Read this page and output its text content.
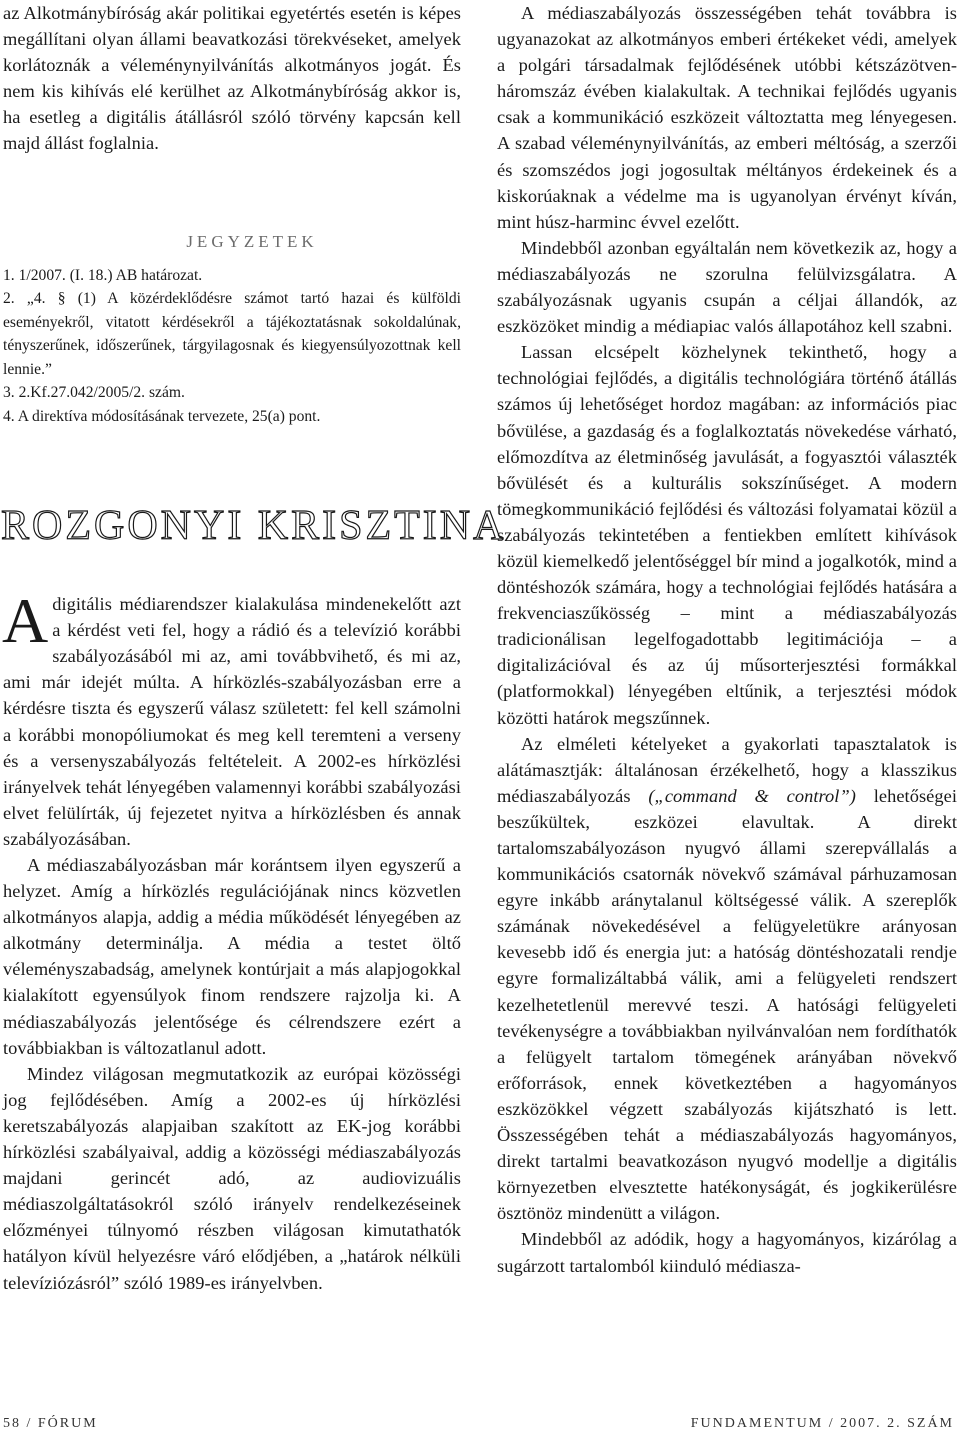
az Alkotmánybíróság akár politikai egyetértés esetén is képes megállítani olyan állami beavatkozási törekvéseket, amelyek korlátoznák a véleménynyilvánítás alkotmányos jogát. És nem kis kihívás elé kerülhet az Alkotmánybíróság akkor is, ha esetleg a digitális átállásról szóló törvény kapcsán kell majd állást foglalnia.

JEGYZETEK
1. 1/2007. (I. 18.) AB határozat.
2. „4. § (1) A közérdeklődésre számot tartó hazai és külföldi eseményekről, vitatott kérdésekről a tájékoztatásnak sokoldalúnak, tényszerűnek, időszerűnek, tárgyilagosnak és kiegyensúlyozottnak kell lennie.”
3. 2.Kf.27.042/2005/2. szám.
4. A direktíva módosításának tervezete, 25(a) pont.
ROZGONYI KRISZTINA
A digitális médiarendszer kialakulása mindenekelőtt azt a kérdést veti fel, hogy a rádió és a televízió korábbi szabályozásából mi az, ami továbbvihető, és mi az, ami már idejét múlta. A hírközlés-szabályozásban erre a kérdésre tiszta és egyszerű válasz született: fel kell számolni a korábbi monopóliumokat és meg kell teremteni a verseny és a versenyszabályozás feltételeit. A 2002-es hírközlési irányelvek tehát lényegében valamennyi korábbi szabályozási elvet felülírták, új fejezetet nyitva a hírközlésben és annak szabályozásában.

A médiaszabályozásban már korántsem ilyen egyszerű a helyzet. Amíg a hírközlés regulációjának nincs közvetlen alkotmányos alapja, addig a média működését lényegében az alkotmány determinálja. A média a testet öltő véleményszabadság, amelynek kontúrjait a más alapjogokkal kialakított egyensúlyok finom rendszere rajzolja ki. A médiaszabályozás jelentősége és célrendszere ezért a továbbiakban is változatlanul adott.

Mindez világosan megmutatkozik az európai közösségi jog fejlődésében. Amíg a 2002-es új hírközlési keretszabályozás alapjaiban szakított az EK-jog korábbi hírközlési szabályaival, addig a közösségi médiaszabályozás majdani gerincét adó, az audiovizuális médiaszolgáltatásokról szóló irányelv rendelkezéseinek előzményei túlnyomó részben világosan kimutathatók hatályon kívül helyezésre váró elődjében, a „határok nélküli televíziózásról” szóló 1989-es irányelvben.

A médiaszabályozás összességében tehát továbbra is ugyanazokat az alkotmányos emberi értékeket védi, amelyek a polgári társadalmak fejlődésének utóbbi kétszázötven-háromszáz évében kialakultak. A technikai fejlődés ugyanis csak a kommunikáció eszközeit változtatta meg lényegesen. A szabad véleménynyilvánítás, az emberi méltóság, a szerzői és szomszédos jogi jogosultak méltányos érdekeinek és a kiskorúaknak a védelme ma is ugyanolyan érvényt kíván, mint húsz-harminc évvel ezelőtt.

Mindebből azonban egyáltalán nem következik az, hogy a médiaszabályozás ne szorulna felülvizsgálatra. A szabályozásnak ugyanis csupán a céljai állandók, az eszközöket mindig a médiapiac valós állapotához kell szabni.

Lassan elcsépelt közhelynek tekinthető, hogy a technológiai fejlődés, a digitális technológiára történő átállás számos új lehetőséget hordoz magában: az információs piac bővülése, a gazdaság és a foglalkoztatás növekedése várható, előmozdítva az életminőség javulását, a fogyasztói választék bővülését és a kulturális sokszínűséget. A modern tömegkommunikáció fejlődési és változási folyamatai közül a szabályozás tekintetében a fentiekben említett kihívások közül kiemelkedő jelentőséggel bír mind a jogalkotók, mind a döntéshozók számára, hogy a technológiai fejlődés hatására a frekvenciaszűkösség – mint a médiaszabályozás tradicionálisan legelfogadottabb legitimációja – a digitalizációval és az új műsorterjesztési formákkal (platformokkal) lényegében eltűnik, a terjesztési módok közötti határok megszűnnek.

Az elméleti kételyeket a gyakorlati tapasztalatok is alátámasztják: általánosan érzékelhető, hogy a klasszikus médiaszabályozás („command & control”) lehetőségei beszűkültek, eszközei elavultak. A direkt tartalomszabályozáson nyugvó állami szerepvállalás a kommunikációs csatornák növekvő számával párhuzamosan egyre inkább aránytalanul költségessé válik. A szereplők számának növekedésével a felügyeletükre arányosan kevesebb idő és energia jut: a hatóság döntéshozatali rendje egyre formalizáltabbá válik, ami a felügyeleti rendszert kezelhetetlenül merevvé teszi. A hatósági felügyeleti tevékenységre a továbbiakban nyilvánvalóan nem fordíthatók a felügyelt tartalom tömegének arányában növekvő erőforrások, ennek következtében a hagyományos eszközökkel végzett szabályozás kijátszható is lett. Összességében tehát a médiaszabályozás hagyományos, direkt tartalmi beavatkozáson nyugvó modellje a digitális környezetben elvesztette hatékonyságát, és jogkikerülésre ösztönöz mindenütt a világon.

Mindebből az adódik, hogy a hagyományos, kizárólag a sugárzott tartalomból kiinduló médiasza-

58 / FÓRUM	FUNDAMENTUM / 2007. 2. SZÁM
